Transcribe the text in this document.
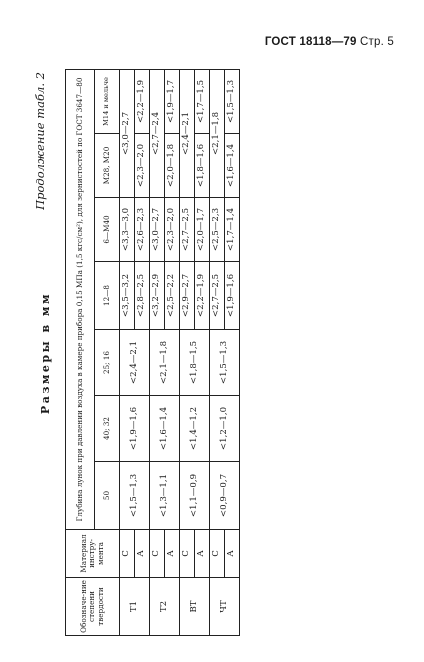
ГОСТ 18118—79 Стр. 5
Размеры в мм
Продолжение табл. 2
Обозначе-ние степени твердости	Материал инстру-мента	Глубина лунок при давлении воздуха в камере прибора 0,15 МПа (1,5 кгс/см²), для зернистостей по ГОСТ 3647—80						
		50	40; 32	25; 16	12—8	6—М40	М28, М20	М14 и мельче
Т1	С	<1,5—1,3	<1,9—1,6	<2,4—2,1	<3,5—3,2	<3,3—3,0	<3,0—2,7	
	А				<2,8—2,5	<2,6—2,3	<2,3—2,0	<2,2—1,9
Т2	С	<1,3—1,1	<1,6—1,4	<2,1—1,8	<3,2—2,9	<3,0—2,7	<2,7—2,4	
	А				<2,5—2,2	<2,3—2,0	<2,0—1,8	<1,9—1,7
ВТ	С	<1,1—0,9	<1,4—1,2	<1,8—1,5	<2,9—2,7	<2,7—2,5	<2,4—2,1	
	А				<2,2—1,9	<2,0—1,7	<1,8—1,6	<1,7—1,5
ЧТ	С	<0,9—0,7	<1,2—1,0	<1,5—1,3	<2,7—2,5	<2,5—2,3	<2,1—1,8	
	А				<1,9—1,6	<1,7—1,4	<1,6—1,4	<1,5—1,3
